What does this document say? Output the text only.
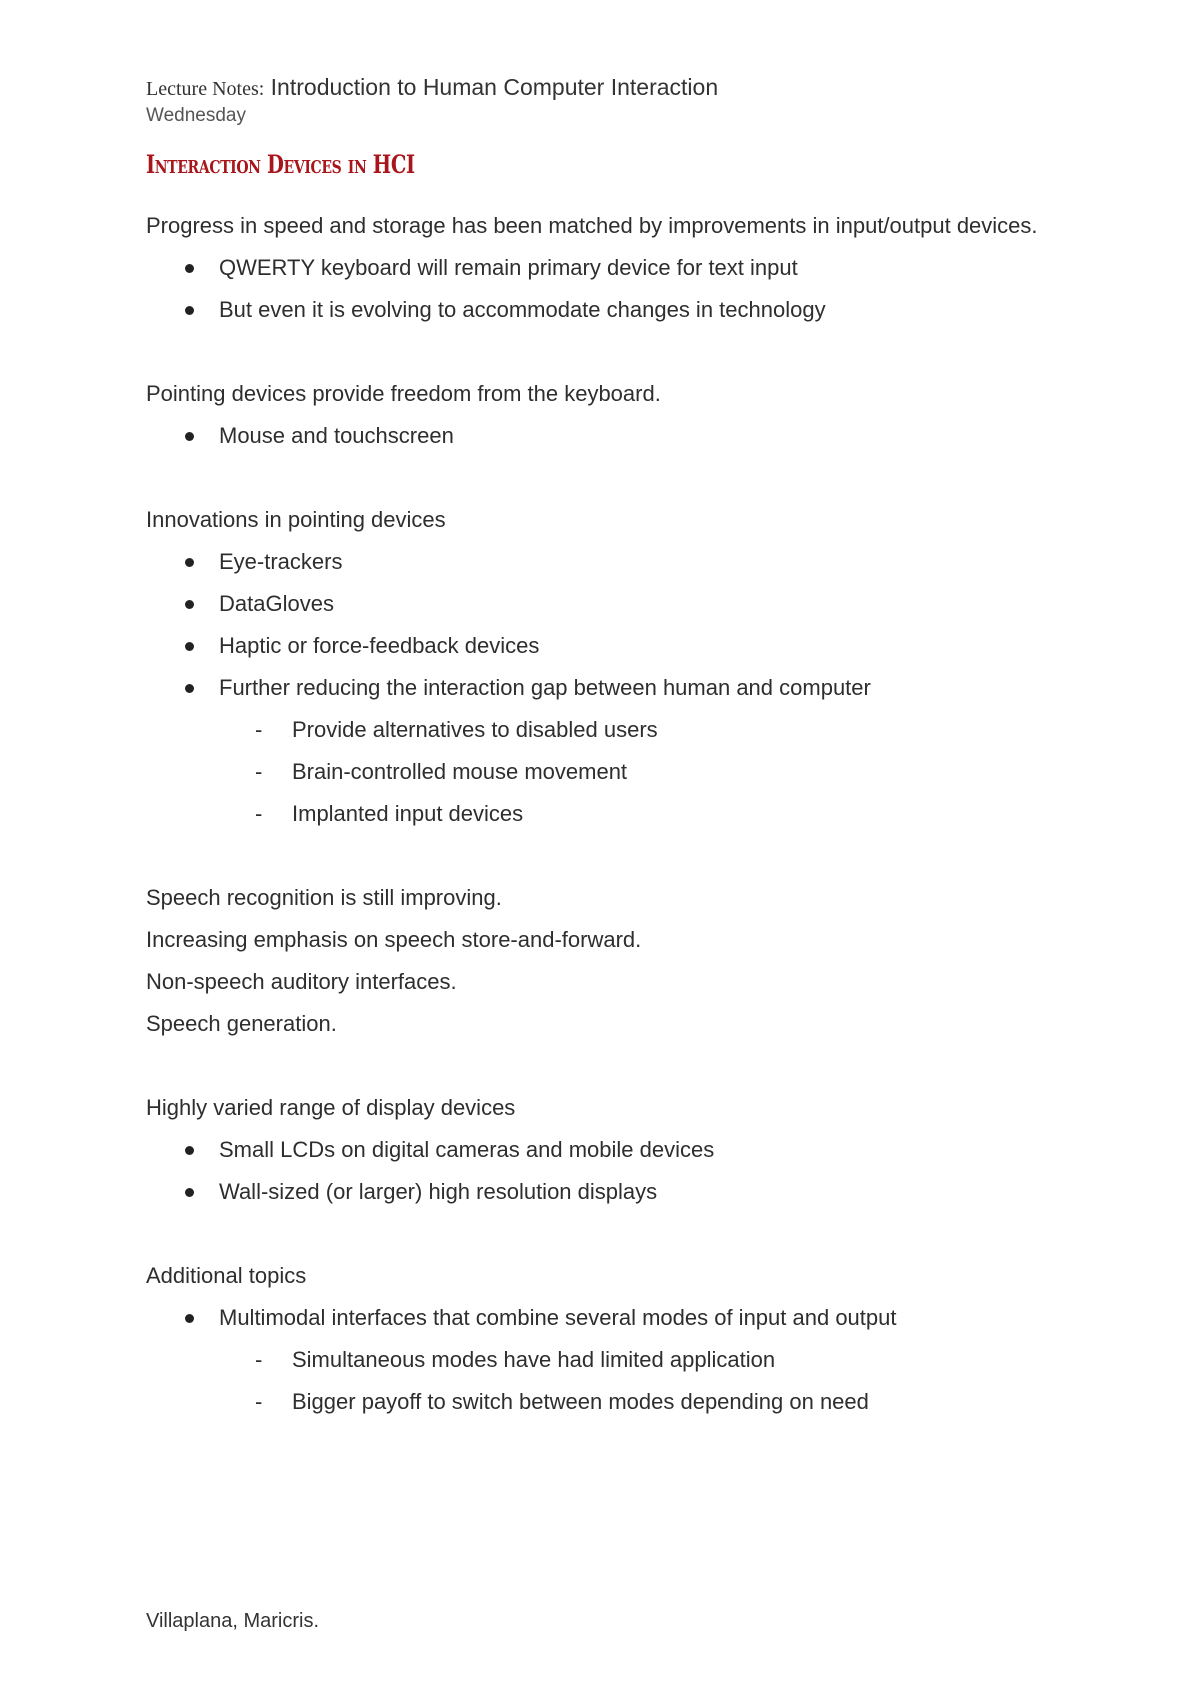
Lecture Notes: Introduction to Human Computer Interaction
Wednesday
Interaction Devices in HCI

Progress in speed and storage has been matched by improvements in input/output devices.

QWERTY keyboard will remain primary device for text input
But even it is evolving to accommodate changes in technology

Pointing devices provide freedom from the keyboard.

Mouse and touchscreen

Innovations in pointing devices

Eye-trackers
DataGloves
Haptic or force-feedback devices
Further reducing the interaction gap between human and computer
- Provide alternatives to disabled users
- Brain-controlled mouse movement
- Implanted input devices

Speech recognition is still improving.

Increasing emphasis on speech store-and-forward.

Non-speech auditory interfaces.

Speech generation.

Highly varied range of display devices

Small LCDs on digital cameras and mobile devices
Wall-sized (or larger) high resolution displays

Additional topics

Multimodal interfaces that combine several modes of input and output
- Simultaneous modes have had limited application
- Bigger payoff to switch between modes depending on need
Villaplana, Maricris.
